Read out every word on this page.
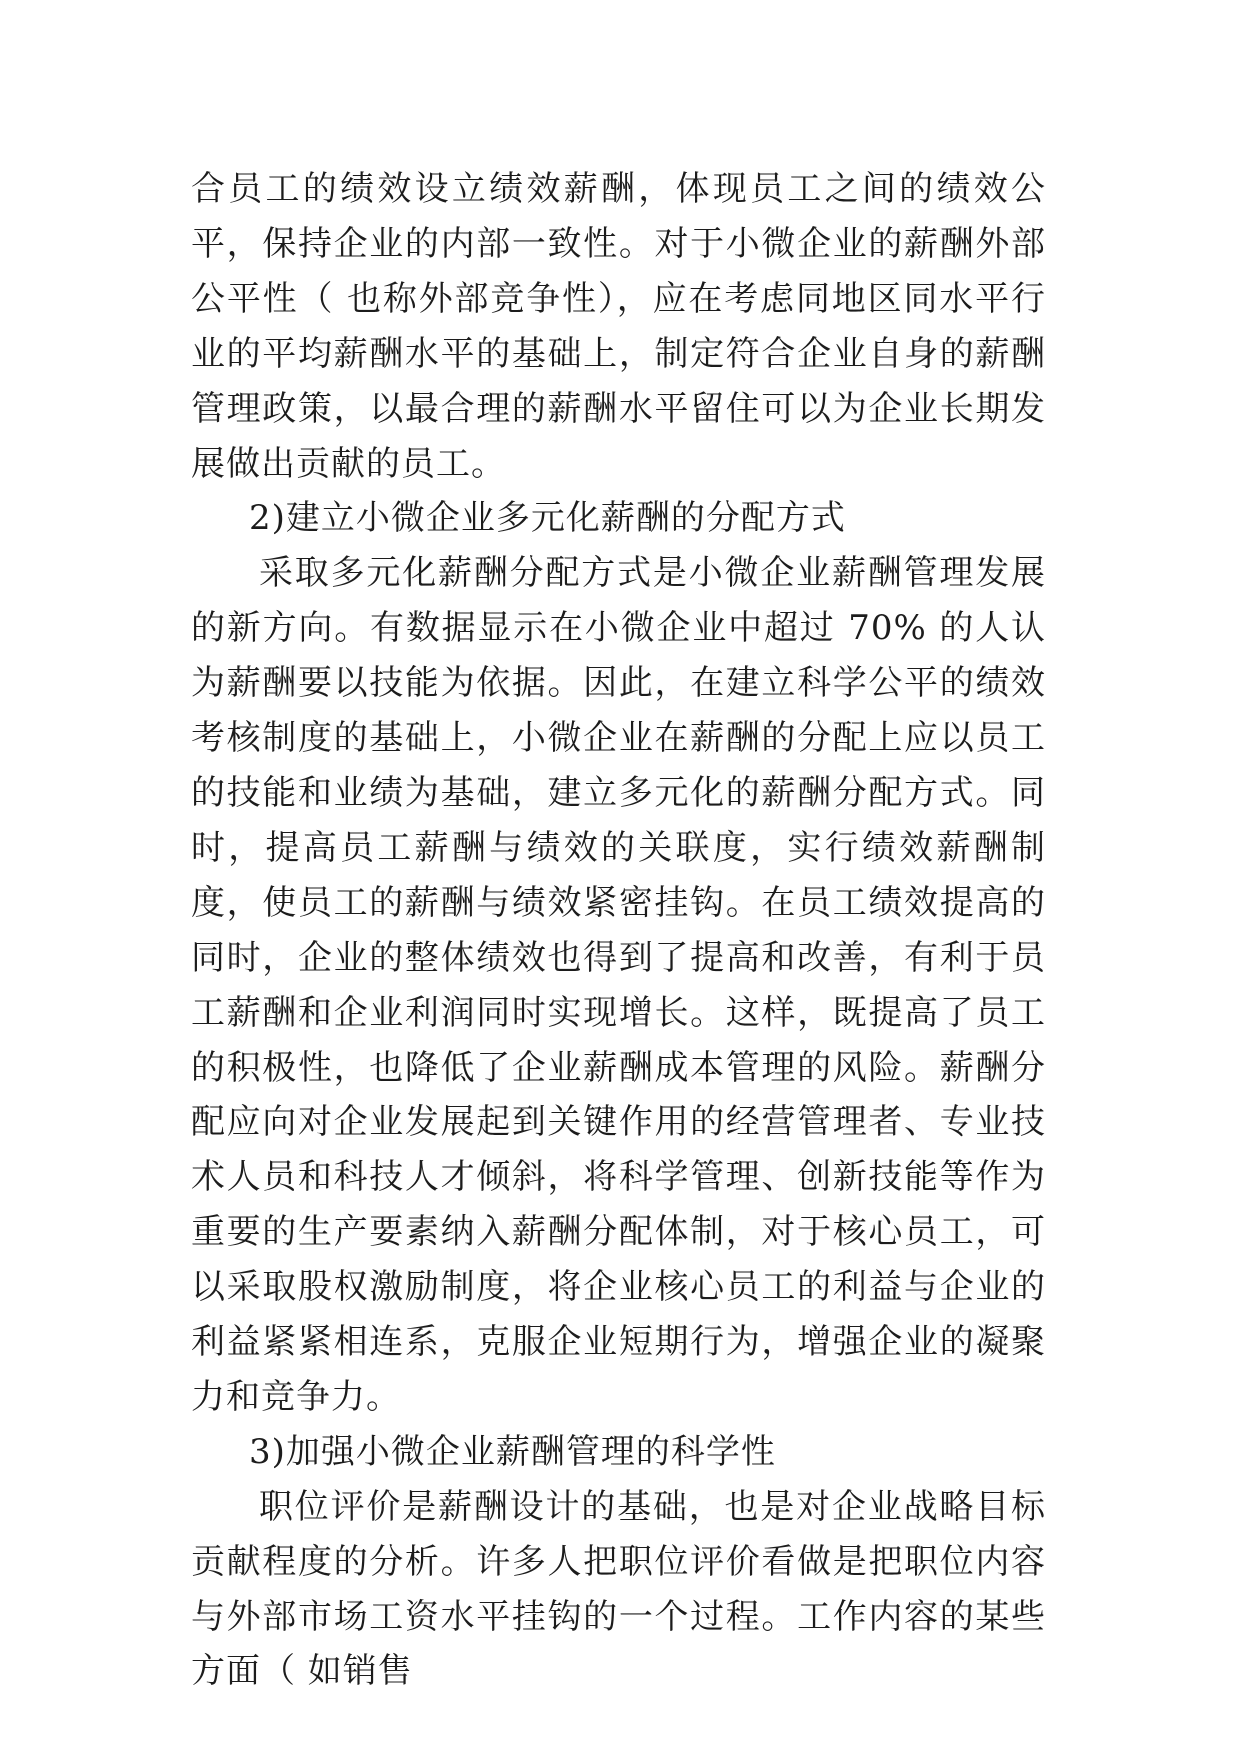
合员工的绩效设立绩效薪酬，体现员工之间的绩效公平，保持企业的内部一致性。对于小微企业的薪酬外部公平性（ 也称外部竞争性），应在考虑同地区同水平行业的平均薪酬水平的基础上，制定符合企业自身的薪酬管理政策，以最合理的薪酬水平留住可以为企业长期发展做出贡献的员工。

2)建立小微企业多元化薪酬的分配方式

采取多元化薪酬分配方式是小微企业薪酬管理发展的新方向。有数据显示在小微企业中超过 70% 的人认为薪酬要以技能为依据。因此，在建立科学公平的绩效考核制度的基础上，小微企业在薪酬的分配上应以员工的技能和业绩为基础，建立多元化的薪酬分配方式。同时，提高员工薪酬与绩效的关联度，实行绩效薪酬制度，使员工的薪酬与绩效紧密挂钩。在员工绩效提高的同时，企业的整体绩效也得到了提高和改善，有利于员工薪酬和企业利润同时实现增长。这样，既提高了员工的积极性，也降低了企业薪酬成本管理的风险。薪酬分配应向对企业发展起到关键作用的经营管理者、专业技术人员和科技人才倾斜，将科学管理、创新技能等作为重要的生产要素纳入薪酬分配体制，对于核心员工，可以采取股权激励制度，将企业核心员工的利益与企业的利益紧紧相连系，克服企业短期行为，增强企业的凝聚力和竞争力。

3)加强小微企业薪酬管理的科学性

职位评价是薪酬设计的基础，也是对企业战略目标贡献程度的分析。许多人把职位评价看做是把职位内容与外部市场工资水平挂钩的一个过程。工作内容的某些方面（ 如销售
